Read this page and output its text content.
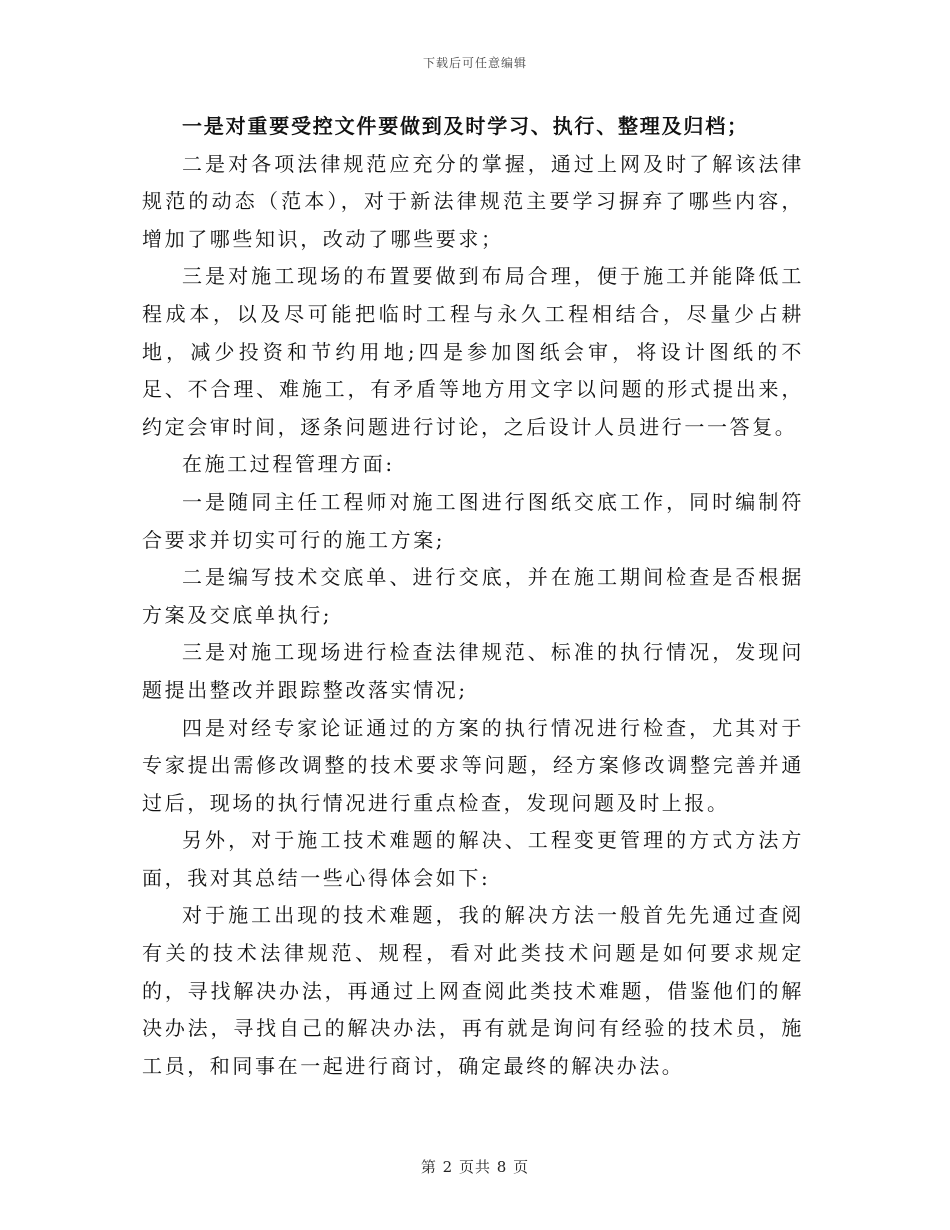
下载后可任意编辑

一是对重要受控文件要做到及时学习、执行、整理及归档；

二是对各项法律规范应充分的掌握，通过上网及时了解该法律规范的动态（范本），对于新法律规范主要学习摒弃了哪些内容，增加了哪些知识，改动了哪些要求；

三是对施工现场的布置要做到布局合理，便于施工并能降低工程成本，以及尽可能把临时工程与永久工程相结合，尽量少占耕地，减少投资和节约用地;四是参加图纸会审，将设计图纸的不足、不合理、难施工，有矛盾等地方用文字以问题的形式提出来，约定会审时间，逐条问题进行讨论，之后设计人员进行一一答复。

在施工过程管理方面:

一是随同主任工程师对施工图进行图纸交底工作，同时编制符合要求并切实可行的施工方案;

二是编写技术交底单、进行交底，并在施工期间检查是否根据方案及交底单执行;

三是对施工现场进行检查法律规范、标准的执行情况，发现问题提出整改并跟踪整改落实情况;

四是对经专家论证通过的方案的执行情况进行检查，尤其对于专家提出需修改调整的技术要求等问题，经方案修改调整完善并通过后，现场的执行情况进行重点检查，发现问题及时上报。

另外，对于施工技术难题的解决、工程变更管理的方式方法方面，我对其总结一些心得体会如下:

对于施工出现的技术难题，我的解决方法一般首先先通过查阅有关的技术法律规范、规程，看对此类技术问题是如何要求规定的，寻找解决办法，再通过上网查阅此类技术难题，借鉴他们的解决办法，寻找自己的解决办法，再有就是询问有经验的技术员，施工员，和同事在一起进行商讨，确定最终的解决办法。

第 2 页共 8 页
